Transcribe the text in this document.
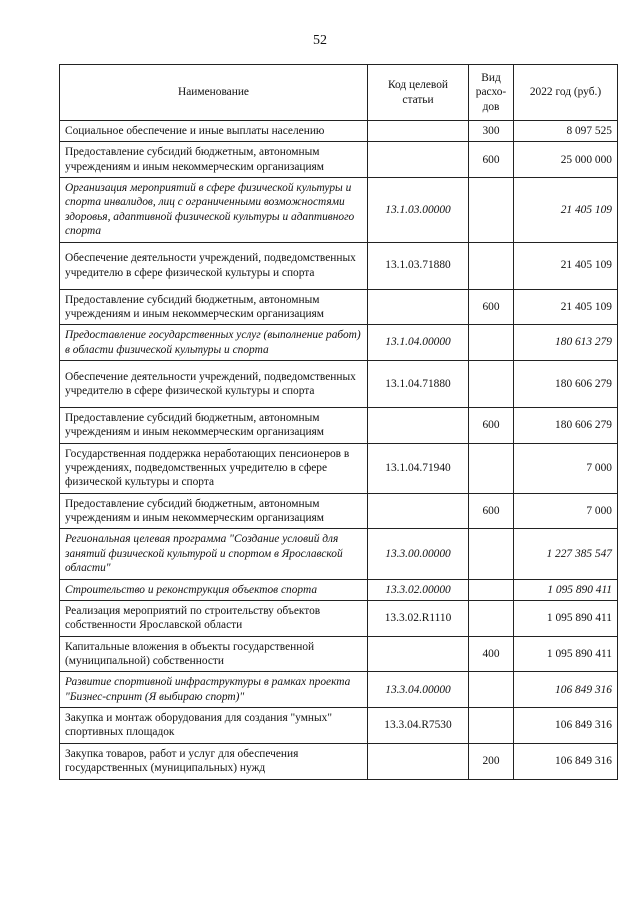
52
Наименование	Код целевой статьи	Вид расхо-дов	2022 год (руб.)
Социальное обеспечение и иные выплаты населению		300	8 097 525
Предоставление субсидий бюджетным, автономным учреждениям и иным некоммерческим организациям		600	25 000 000
Организация мероприятий в сфере физической культуры и спорта инвалидов, лиц с ограниченными возможностями здоровья, адаптивной физической культуры и адаптивного спорта	13.1.03.00000		21 405 109
Обеспечение деятельности учреждений, подведомственных учредителю в сфере физической культуры и спорта	13.1.03.71880		21 405 109
Предоставление субсидий бюджетным, автономным учреждениям и иным некоммерческим организациям		600	21 405 109
Предоставление государственных услуг (выполнение работ) в области физической культуры и спорта	13.1.04.00000		180 613 279
Обеспечение деятельности учреждений, подведомственных учредителю в сфере физической культуры и спорта	13.1.04.71880		180 606 279
Предоставление субсидий бюджетным, автономным учреждениям и иным некоммерческим организациям		600	180 606 279
Государственная поддержка неработающих пенсионеров в учреждениях, подведомственных учредителю в сфере физической культуры и спорта	13.1.04.71940		7 000
Предоставление субсидий бюджетным, автономным учреждениям и иным некоммерческим организациям		600	7 000
Региональная целевая программа "Создание условий для занятий физической культурой и спортом в Ярославской области"	13.3.00.00000		1 227 385 547
Строительство и реконструкция объектов спорта	13.3.02.00000		1 095 890 411
Реализация мероприятий по строительству объектов собственности Ярославской области	13.3.02.R1110		1 095 890 411
Капитальные вложения в объекты государственной (муниципальной) собственности		400	1 095 890 411
Развитие спортивной инфраструктуры в рамках проекта "Бизнес-спринт (Я выбираю спорт)"	13.3.04.00000		106 849 316
Закупка и монтаж оборудования для создания "умных" спортивных площадок	13.3.04.R7530		106 849 316
Закупка товаров, работ и услуг для обеспечения государственных (муниципальных) нужд		200	106 849 316
